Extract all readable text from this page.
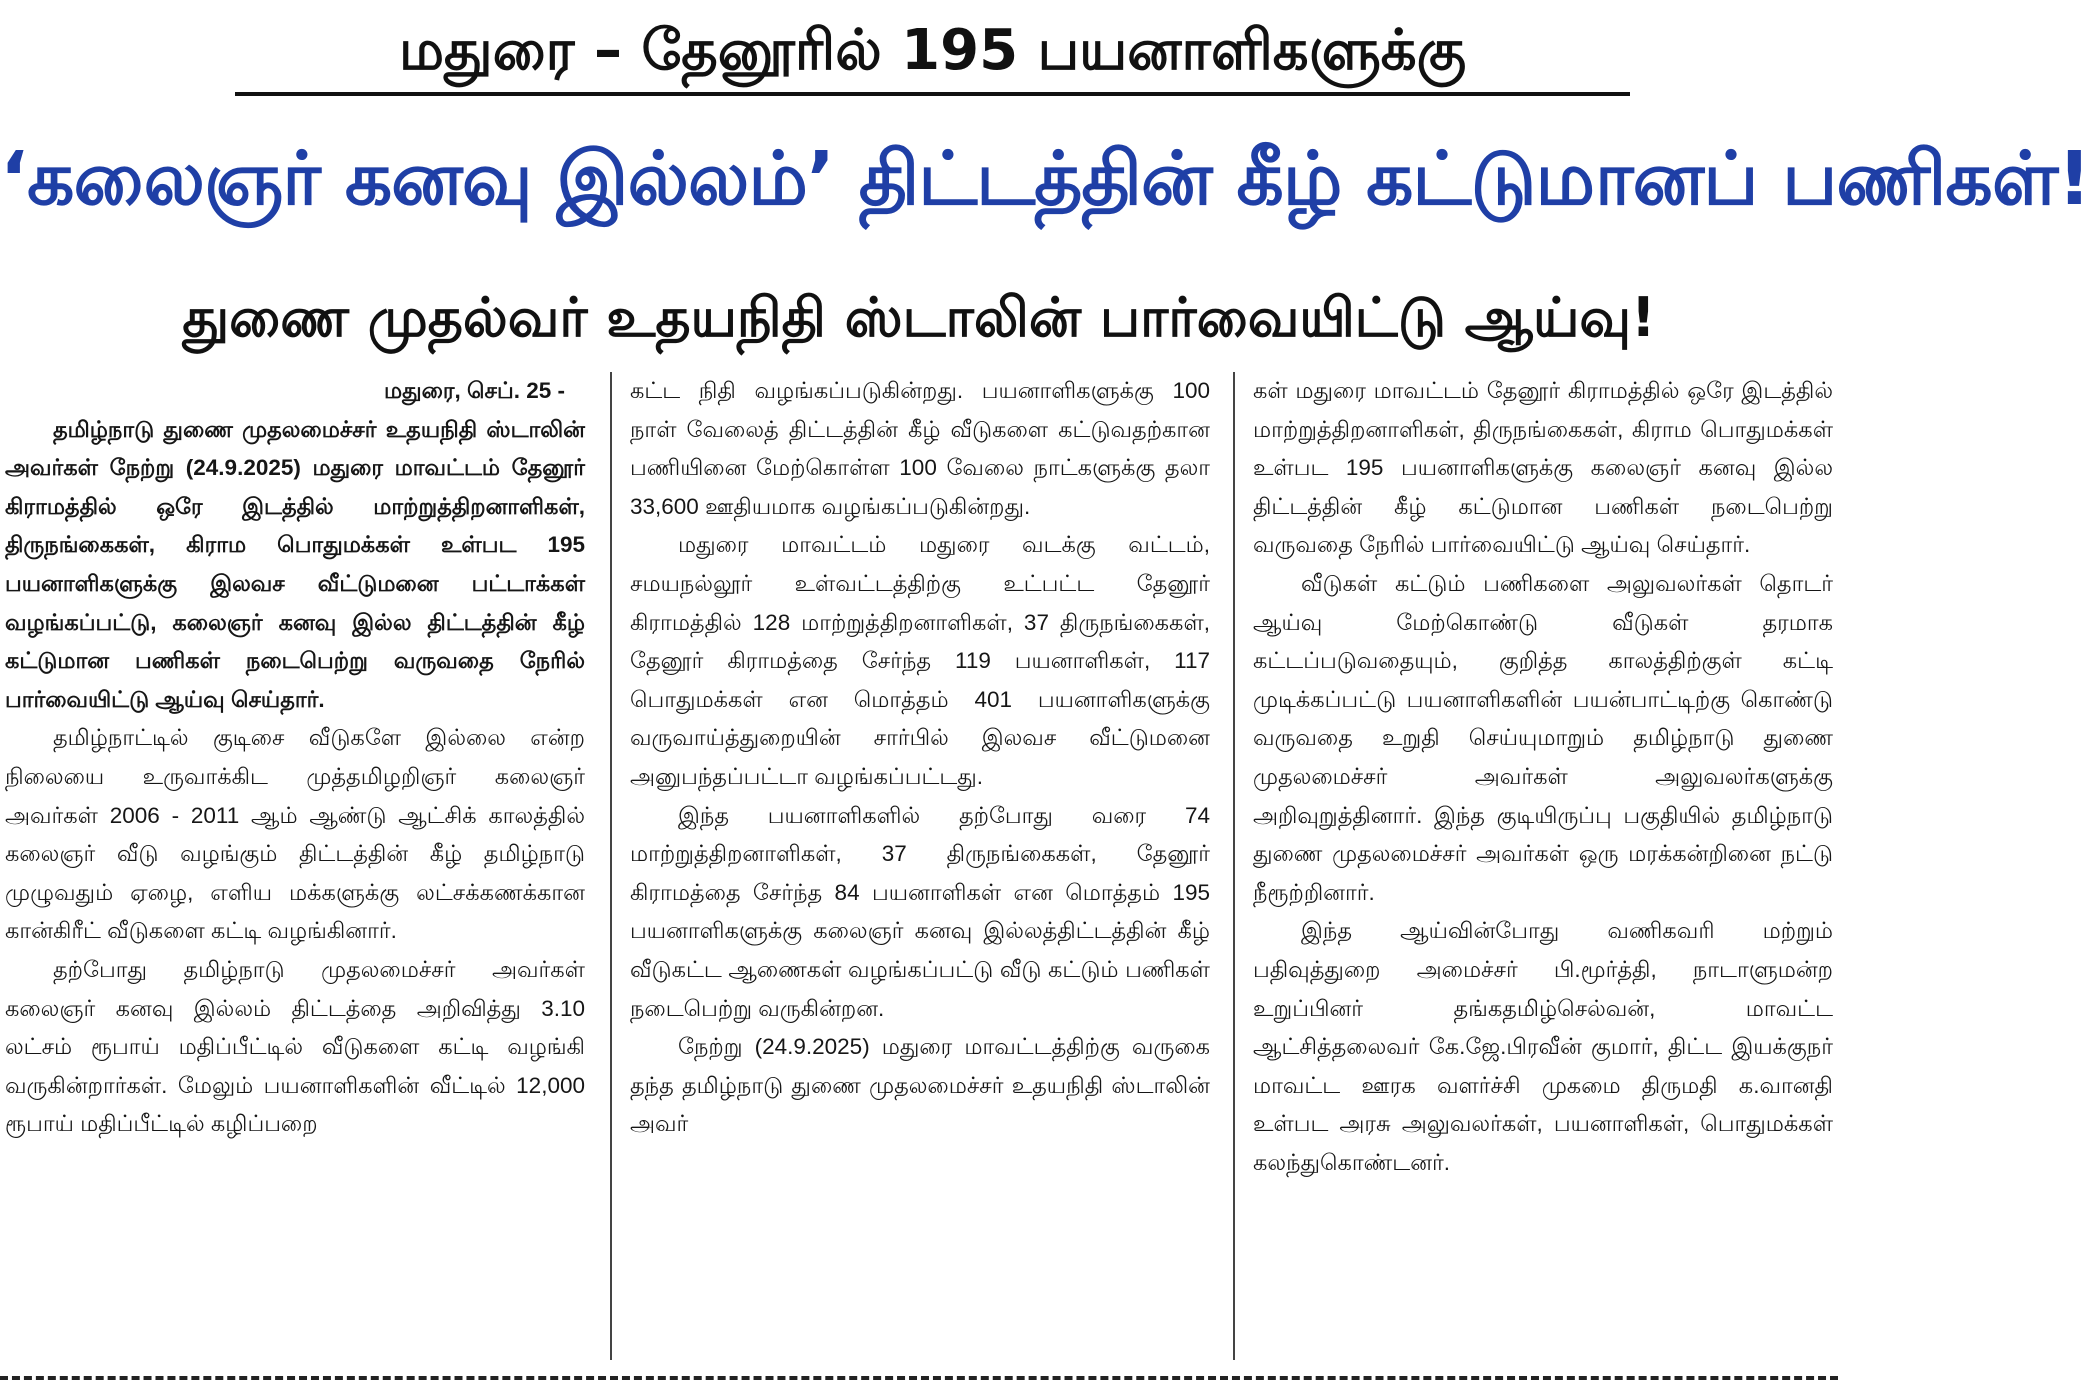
மதுரை – தேனூரில் 195 பயனாளிகளுக்கு
‘கலைஞர் கனவு இல்லம்’ திட்டத்தின் கீழ் கட்டுமானப் பணிகள்!
துணை முதல்வர் உதயநிதி ஸ்டாலின் பார்வையிட்டு ஆய்வு!

மதுரை, செப். 25 -

தமிழ்நாடு துணை முதலமைச்சர் உதயநிதி ஸ்டாலின் அவர்கள் நேற்று (24.9.2025) மதுரை மாவட்டம் தேனூர் கிராமத்தில் ஒரே இடத்தில் மாற்றுத்திறனாளிகள், திருநங்கைகள், கிராம பொதுமக்கள் உள்பட 195 பயனாளிகளுக்கு இலவச வீட்டுமனை பட்டாக்கள் வழங்கப்பட்டு, கலைஞர் கனவு இல்ல திட்டத்தின் கீழ் கட்டுமான பணிகள் நடைபெற்று வருவதை நேரில் பார்வையிட்டு ஆய்வு செய்தார்.

தமிழ்நாட்டில் குடிசை வீடுகளே இல்லை என்ற நிலையை உருவாக்கிட முத்தமிழறிஞர் கலைஞர் அவர்கள் 2006 - 2011 ஆம் ஆண்டு ஆட்சிக் காலத்தில் கலைஞர் வீடு வழங்கும் திட்டத்தின் கீழ் தமிழ்நாடு முழுவதும் ஏழை, எளிய மக்களுக்கு லட்சக்கணக்கான கான்கிரீட் வீடுகளை கட்டி வழங்கினார்.

தற்போது தமிழ்நாடு முதலமைச்சர் அவர்கள் கலைஞர் கனவு இல்லம் திட்டத்தை அறிவித்து 3.10 லட்சம் ரூபாய் மதிப்பீட்டில் வீடுகளை கட்டி வழங்கி வருகின்றார்கள். மேலும் பயனாளிகளின் வீட்டில் 12,000 ரூபாய் மதிப்பீட்டில் கழிப்பறை

கட்ட நிதி வழங்கப்படுகின்றது. பயனாளிகளுக்கு 100 நாள் வேலைத் திட்டத்தின் கீழ் வீடுகளை கட்டுவதற்கான பணியினை மேற்கொள்ள 100 வேலை நாட்களுக்கு தலா 33,600 ஊதியமாக வழங்கப்படுகின்றது.

மதுரை மாவட்டம் மதுரை வடக்கு வட்டம், சமயநல்லூர் உள்வட்டத்திற்கு உட்பட்ட தேனூர் கிராமத்தில் 128 மாற்றுத்திறனாளிகள், 37 திருநங்கைகள், தேனூர் கிராமத்தை சேர்ந்த 119 பயனாளிகள், 117 பொதுமக்கள் என மொத்தம் 401 பயனாளிகளுக்கு வருவாய்த்துறையின் சார்பில் இலவச வீட்டுமனை அனுபந்தப்பட்டா வழங்கப்பட்டது.

இந்த பயனாளிகளில் தற்போது வரை 74 மாற்றுத்திறனாளிகள், 37 திருநங்கைகள், தேனூர் கிராமத்தை சேர்ந்த 84 பயனாளிகள் என மொத்தம் 195 பயனாளிகளுக்கு கலைஞர் கனவு இல்லத்திட்டத்தின் கீழ் வீடுகட்ட ஆணைகள் வழங்கப்பட்டு வீடு கட்டும் பணிகள் நடைபெற்று வருகின்றன.

நேற்று (24.9.2025) மதுரை மாவட்டத்திற்கு வருகை தந்த தமிழ்நாடு துணை முதலமைச்சர் உதயநிதி ஸ்டாலின் அவர்

கள் மதுரை மாவட்டம் தேனூர் கிராமத்தில் ஒரே இடத்தில் மாற்றுத்திறனாளிகள், திருநங்கைகள், கிராம பொதுமக்கள் உள்பட 195 பயனாளிகளுக்கு கலைஞர் கனவு இல்ல திட்டத்தின் கீழ் கட்டுமான பணிகள் நடைபெற்று வருவதை நேரில் பார்வையிட்டு ஆய்வு செய்தார்.

வீடுகள் கட்டும் பணிகளை அலுவலர்கள் தொடர் ஆய்வு மேற்கொண்டு வீடுகள் தரமாக கட்டப்படுவதையும், குறித்த காலத்திற்குள் கட்டி முடிக்கப்பட்டு பயனாளிகளின் பயன்பாட்டிற்கு கொண்டு வருவதை உறுதி செய்யுமாறும் தமிழ்நாடு துணை முதலமைச்சர் அவர்கள் அலுவலர்களுக்கு அறிவுறுத்தினார். இந்த குடியிருப்பு பகுதியில் தமிழ்நாடு துணை முதலமைச்சர் அவர்கள் ஒரு மரக்கன்றினை நட்டு நீரூற்றினார்.

இந்த ஆய்வின்போது வணிகவரி மற்றும் பதிவுத்துறை அமைச்சர் பி.மூர்த்தி, நாடாளுமன்ற உறுப்பினர் தங்கதமிழ்செல்வன், மாவட்ட ஆட்சித்தலைவர் கே.ஜே.பிரவீன் குமார், திட்ட இயக்குநர் மாவட்ட ஊரக வளர்ச்சி முகமை திருமதி க.வானதி உள்பட அரசு அலுவலர்கள், பயனாளிகள், பொதுமக்கள் கலந்துகொண்டனர்.
